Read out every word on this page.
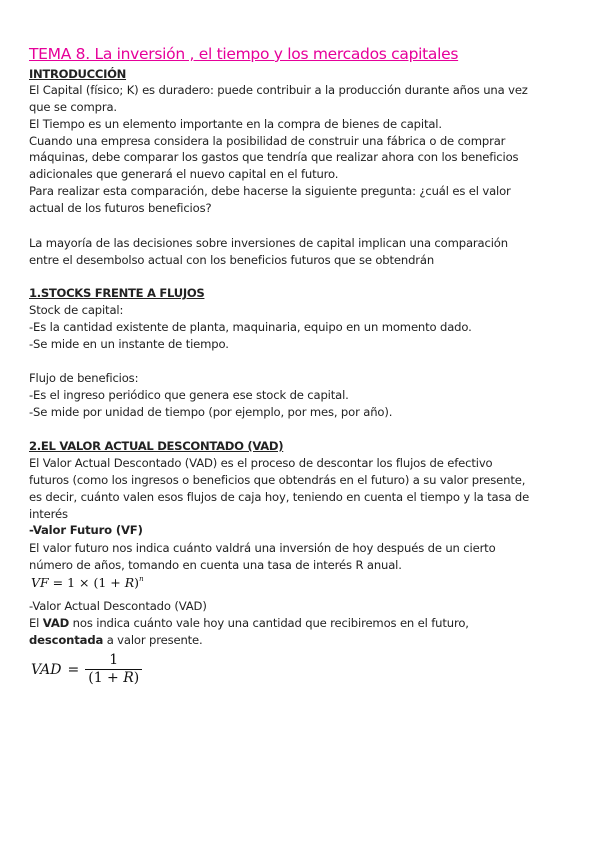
TEMA 8. La inversión , el tiempo y los mercados capitales
INTRODUCCIÓN
El Capital (físico; K) es duradero: puede contribuir a la producción durante años una vez
que se compra.
El Tiempo es un elemento importante en la compra de bienes de capital.
Cuando una empresa considera la posibilidad de construir una fábrica o de comprar
máquinas, debe comparar los gastos que tendría que realizar ahora con los beneficios
adicionales que generará el nuevo capital en el futuro.
Para realizar esta comparación, debe hacerse la siguiente pregunta: ¿cuál es el valor
actual de los futuros beneficios?
La mayoría de las decisiones sobre inversiones de capital implican una comparación
entre el desembolso actual con los beneficios futuros que se obtendrán
1.STOCKS FRENTE A FLUJOS
Stock de capital:
-Es la cantidad existente de planta, maquinaria, equipo en un momento dado.
-Se mide en un instante de tiempo.
Flujo de beneficios:
-Es el ingreso periódico que genera ese stock de capital.
-Se mide por unidad de tiempo (por ejemplo, por mes, por año).
2.EL VALOR ACTUAL DESCONTADO (VAD)
El Valor Actual Descontado (VAD) es el proceso de descontar los flujos de efectivo
futuros (como los ingresos o beneficios que obtendrás en el futuro) a su valor presente,
es decir, cuánto valen esos flujos de caja hoy, teniendo en cuenta el tiempo y la tasa de
interés
-Valor Futuro (VF)
El valor futuro nos indica cuánto valdrá una inversión de hoy después de un cierto
número de años, tomando en cuenta una tasa de interés R anual.
VF = $1 \times (1 + R)^n$
-Valor Actual Descontado (VAD)
El VAD nos indica cuánto vale hoy una cantidad que recibiremos en el futuro,
descontada a valor presente.
VAD = $\frac{1}{(1 + R)}$
